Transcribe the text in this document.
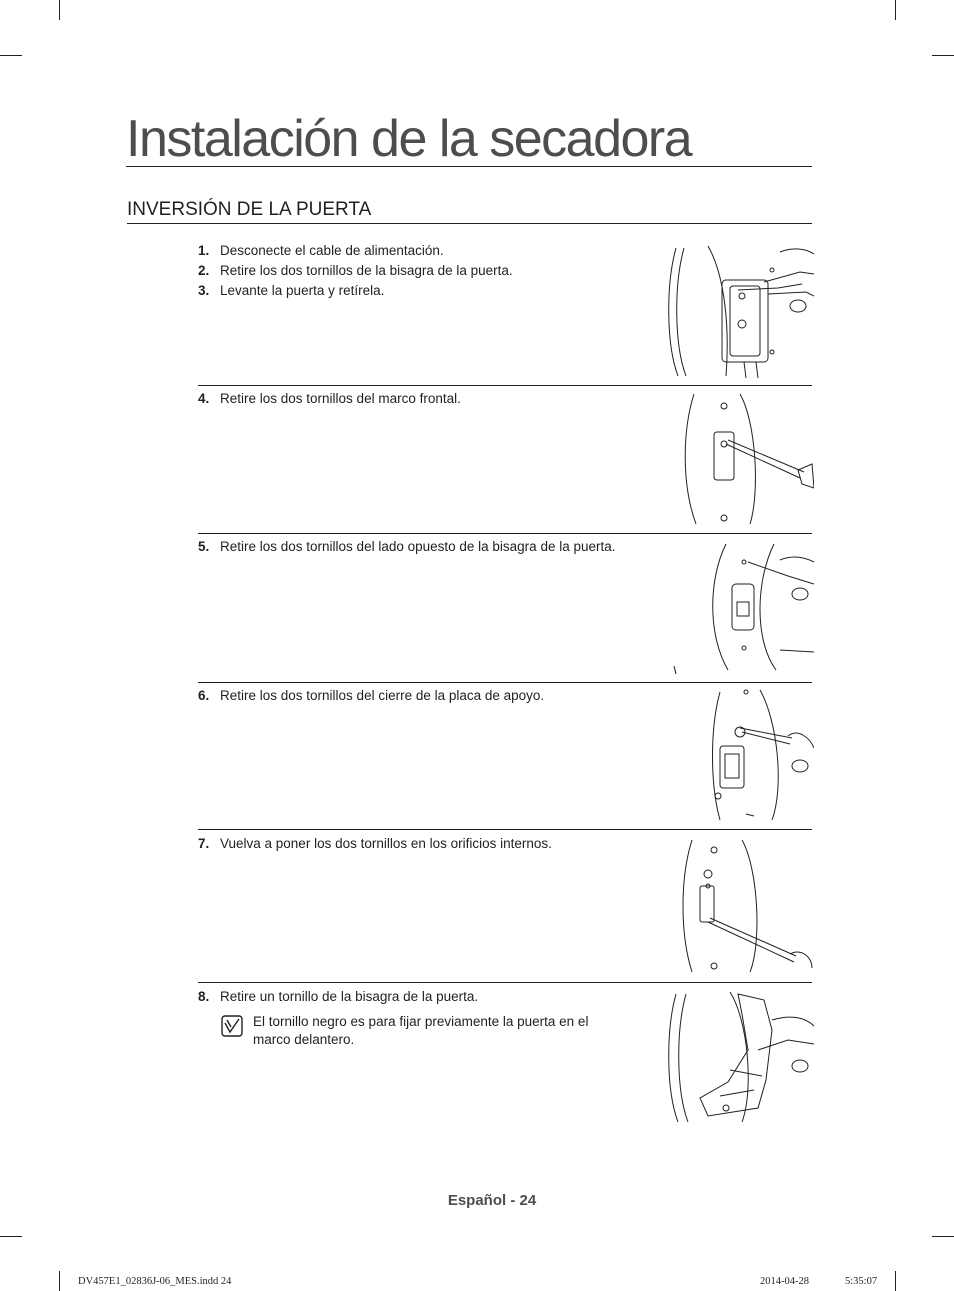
Instalación de la secadora
INVERSIÓN DE LA PUERTA
1. Desconecte el cable de alimentación.
2. Retire los dos tornillos de la bisagra de la puerta.
3. Levante la puerta y retírela.
4. Retire los dos tornillos del marco frontal.
5. Retire los dos tornillos del lado opuesto de la bisagra de la puerta.
6. Retire los dos tornillos del cierre de la placa de apoyo.
7. Vuelva a poner los dos tornillos en los orificios internos.
8. Retire un tornillo de la bisagra de la puerta.
El tornillo negro es para fijar previamente la puerta en el marco delantero.
Español - 24
DV457E1_02836J-06_MES.indd 24	2014-04-28	5:35:07
